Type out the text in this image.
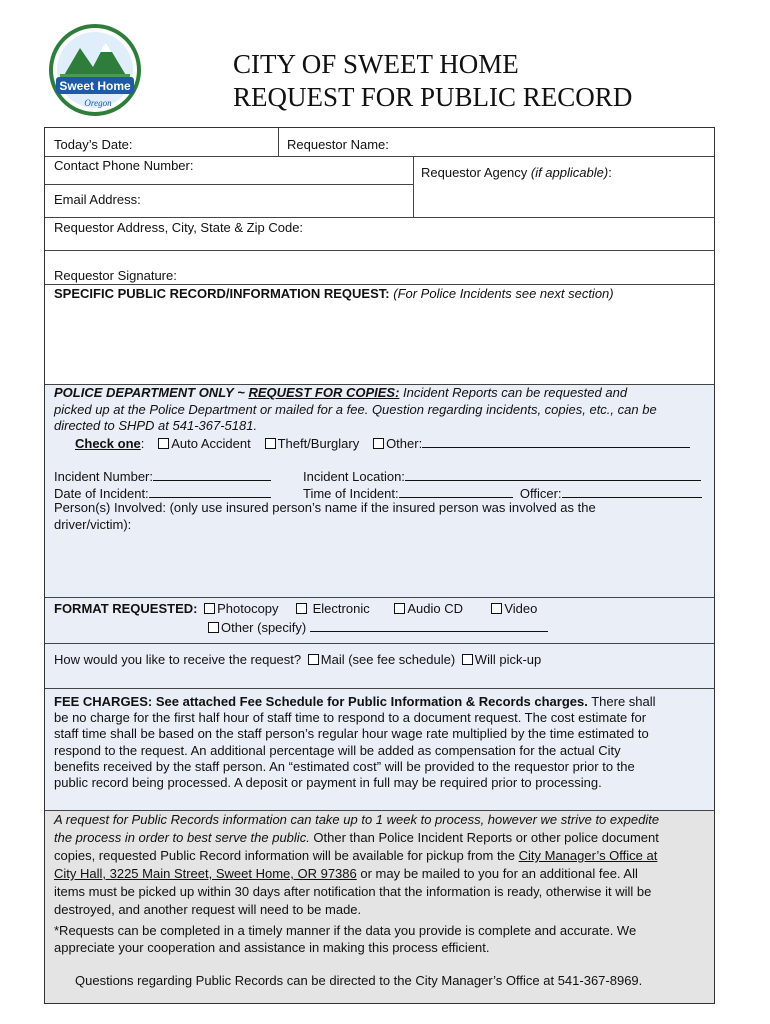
Sweet Home
Oregon
CITY OF SWEET HOME
REQUEST FOR PUBLIC RECORD
Today’s Date:	Requestor Name:
Contact Phone Number:	Requestor Agency (if applicable):
Email Address:
Requestor Address, City, State & Zip Code:
Requestor Signature:
SPECIFIC PUBLIC RECORD/INFORMATION REQUEST: (For Police Incidents see next section)
POLICE DEPARTMENT ONLY ~ REQUEST FOR COPIES: Incident Reports can be requested and
picked up at the Police Department or mailed for a fee. Question regarding incidents, copies, etc., can be
directed to SHPD at 541-367-5181.
Check one: Auto Accident Theft/Burglary Other:
Incident Number:	Incident Location:
Date of Incident:	Time of Incident:	Officer:
Person(s) Involved: (only use insured person’s name if the insured person was involved as the
driver/victim):
FORMAT REQUESTED: Photocopy	Electronic	Audio CD	Video
Other (specify)
How would you like to receive the request? Mail (see fee schedule) Will pick-up
FEE CHARGES: See attached Fee Schedule for Public Information & Records charges. There shall
be no charge for the first half hour of staff time to respond to a document request. The cost estimate for
staff time shall be based on the staff person’s regular hour wage rate multiplied by the time estimated to
respond to the request. An additional percentage will be added as compensation for the actual City
benefits received by the staff person. An “estimated cost” will be provided to the requestor prior to the
public record being processed. A deposit or payment in full may be required prior to processing.
A request for Public Records information can take up to 1 week to process, however we strive to expedite
the process in order to best serve the public. Other than Police Incident Reports or other police document
copies, requested Public Record information will be available for pickup from the City Manager’s Office at
City Hall, 3225 Main Street, Sweet Home, OR 97386 or may be mailed to you for an additional fee. All
items must be picked up within 30 days after notification that the information is ready, otherwise it will be
destroyed, and another request will need to be made.
*Requests can be completed in a timely manner if the data you provide is complete and accurate. We
appreciate your cooperation and assistance in making this process efficient.
Questions regarding Public Records can be directed to the City Manager’s Office at 541-367-8969.
